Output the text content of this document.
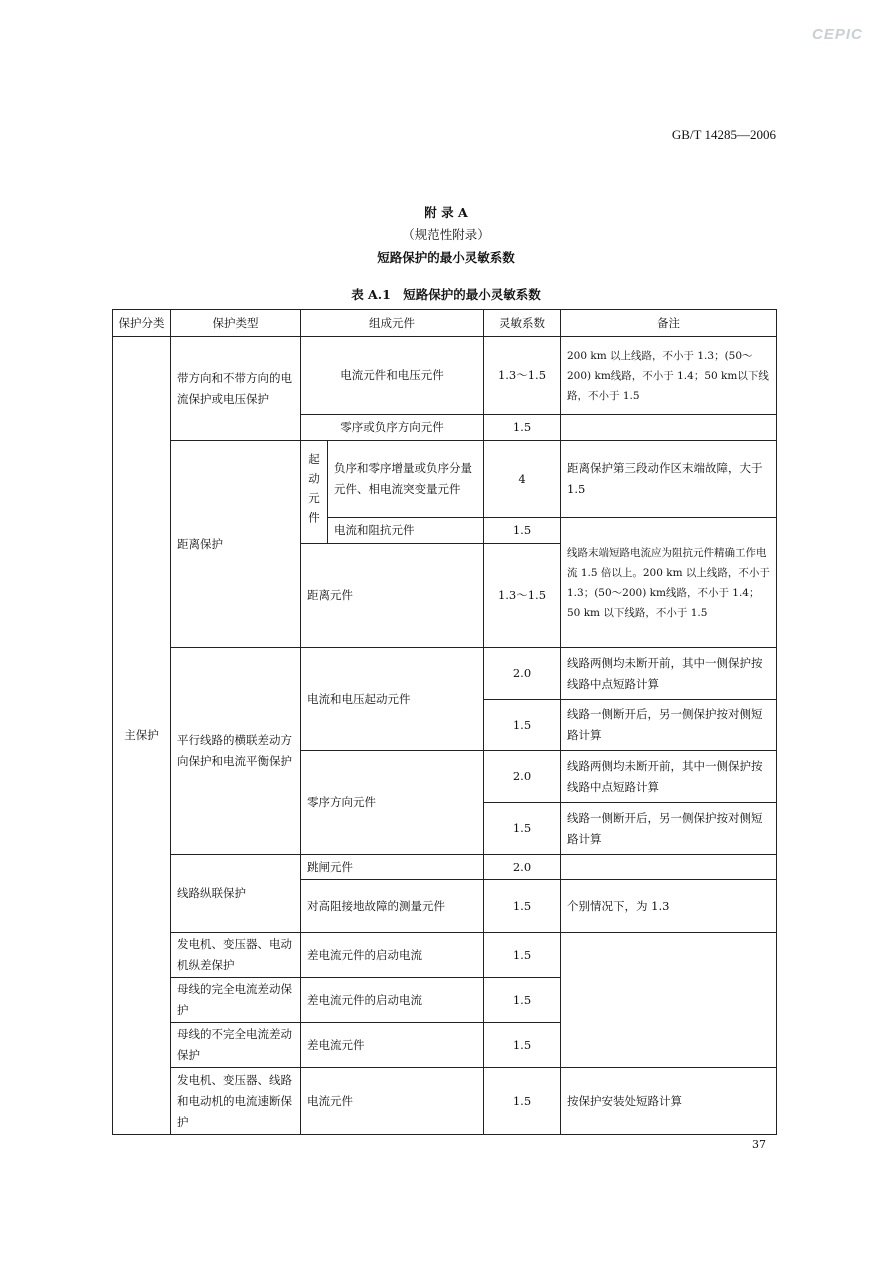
CEPIC
GB/T 14285—2006
附 录 A
（规范性附录）
短路保护的最小灵敏系数
表 A.1　短路保护的最小灵敏系数
保护分类	保护类型	组成元件		灵敏系数	备注
主保护	带方向和不带方向的电流保护或电压保护	电流元件和电压元件		1.3～1.5	200 km 以上线路，不小于 1.3；(50～200) km线路，不小于 1.4；50 km以下线路，不小于 1.5
		零序或负序方向元件		1.5	
	距离保护	起动元件	负序和零序增量或负序分量元件、相电流突变量元件	4	距离保护第三段动作区末端故障，大于 1.5
			电流和阻抗元件	1.5	线路末端短路电流应为阻抗元件精确工作电流 1.5 倍以上。200 km 以上线路，不小于 1.3；(50～200) km线路，不小于 1.4；50 km 以下线路，不小于 1.5
		距离元件		1.3～1.5	
	平行线路的横联差动方向保护和电流平衡保护	电流和电压起动元件		2.0	线路两侧均未断开前，其中一侧保护按线路中点短路计算
				1.5	线路一侧断开后，另一侧保护按对侧短路计算
		零序方向元件		2.0	线路两侧均未断开前，其中一侧保护按线路中点短路计算
				1.5	线路一侧断开后，另一侧保护按对侧短路计算
	线路纵联保护	跳闸元件		2.0	
		对高阻接地故障的测量元件		1.5	个别情况下，为 1.3
	发电机、变压器、电动机纵差保护	差电流元件的启动电流		1.5	
	母线的完全电流差动保护	差电流元件的启动电流		1.5	
	母线的不完全电流差动保护	差电流元件		1.5	
	发电机、变压器、线路和电动机的电流速断保护	电流元件		1.5	按保护安装处短路计算
37
